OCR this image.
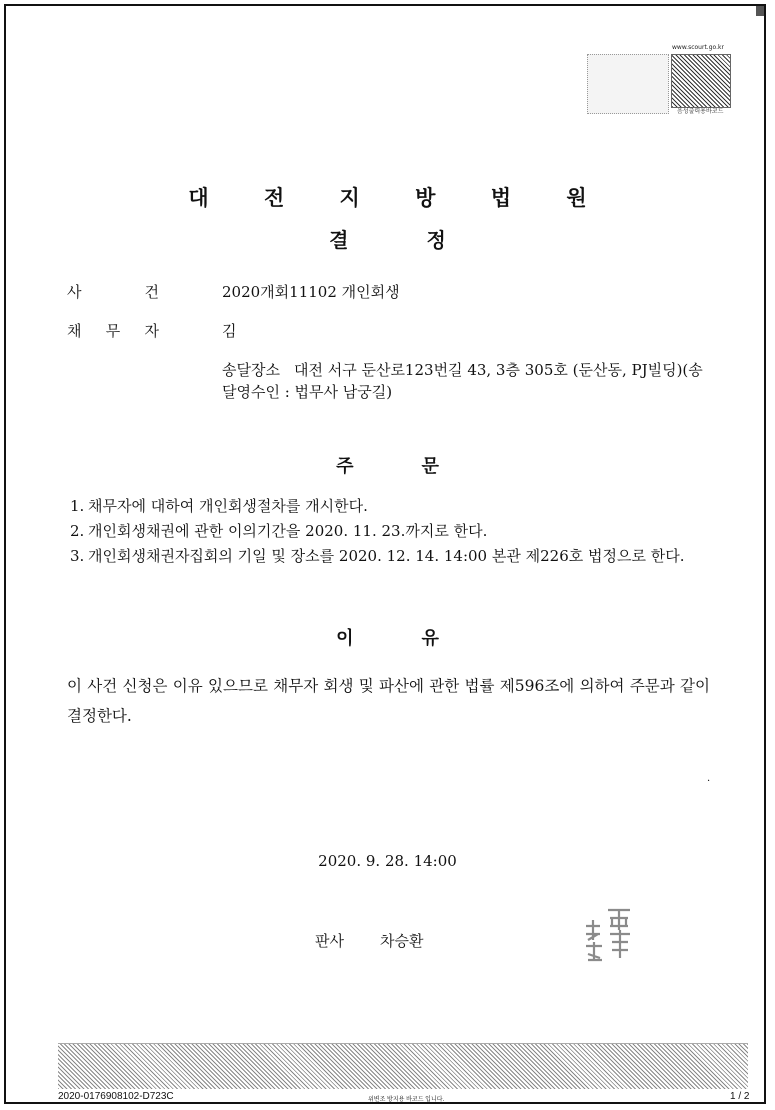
www.scourt.go.kr
음성출력용바코드
대 전 지 방 법 원
결	정
사	건	2020개회11102 개인회생
채 무 자	김
송달장소 대전 서구 둔산로123번길 43, 3층 305호 (둔산동, PJ빌딩)(송달영수인 : 법무사 남궁길)
주	문
1. 채무자에 대하여 개인회생절차를 개시한다.
2. 개인회생채권에 관한 이의기간을 2020. 11. 23.까지로 한다.
3. 개인회생채권자집회의 기일 및 장소를 2020. 12. 14. 14:00 본관 제226호 법정으로 한다.
이	유
이 사건 신청은 이유 있으므로 채무자 회생 및 파산에 관한 법률 제596조에 의하여 주문과 같이 결정한다.
·
2020. 9. 28. 14:00
판사 차승환
2020-0176908102-D723C	위변조 방지용 바코드 입니다.	1 / 2
